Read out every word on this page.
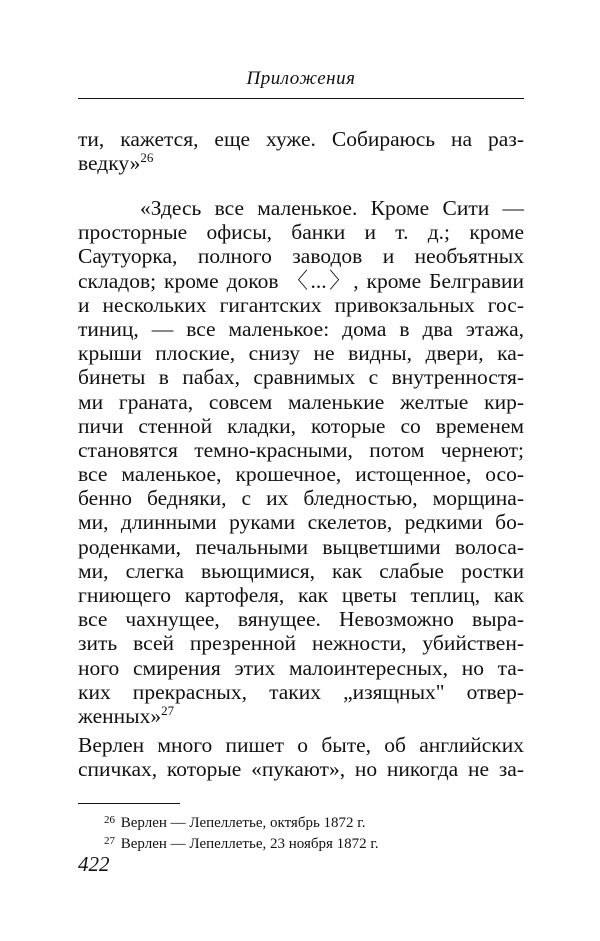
Приложения
ти, кажется, еще хуже. Собираюсь на раз-
ведку»$^{26}$
«Здесь все маленькое. Кроме Сити —
просторные офисы, банки и т. д.; кроме
Саутуорка, полного заводов и необъятных
складов; кроме доков 〈...〉, кроме Белгравии
и нескольких гигантских привокзальных гос-
тиниц, — все маленькое: дома в два этажа,
крыши плоские, снизу не видны, двери, ка-
бинеты в пабах, сравнимых с внутренностя-
ми граната, совсем маленькие желтые кир-
пичи стенной кладки, которые со временем
становятся темно-красными, потом чернеют;
все маленькое, крошечное, истощенное, осо-
бенно бедняки, с их бледностью, морщина-
ми, длинными руками скелетов, редкими бо-
роденками, печальными выцветшими волоса-
ми, слегка вьющимися, как слабые ростки
гниющего картофеля, как цветы теплиц, как
все чахнущее, вянущее. Невозможно выра-
зить всей презренной нежности, убийствен-
ного смирения этих малоинтересных, но та-
ких прекрасных, таких „изящных" отвер-
женных»$^{27}$
Верлен много пишет о быте, об английских
спичках, которые «пукают», но никогда не за-
$^{26}$ Верлен — Лепеллетье, октябрь 1872 г.
$^{27}$ Верлен — Лепеллетье, 23 ноября 1872 г.
422
